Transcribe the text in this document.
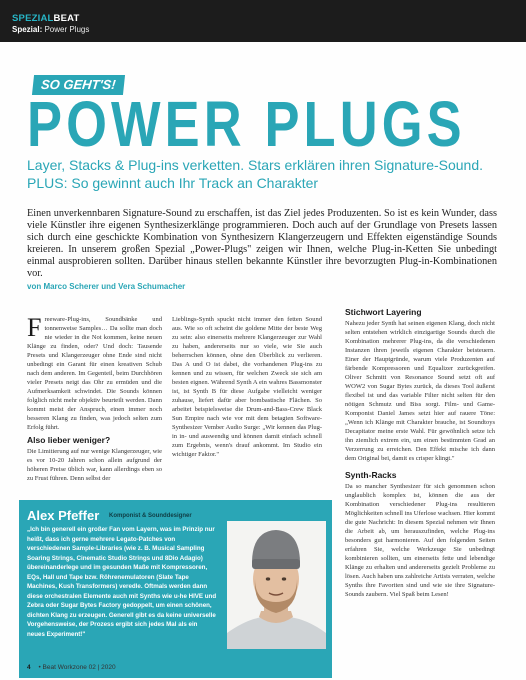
SPEZIALBEAT
Spezial: Power Plugs
SO GEHT'S!
POWER PLUGS
Layer, Stacks & Plug-ins verketten. Stars erklären ihren Signature-Sound. PLUS: So gewinnt auch Ihr Track an Charakter
Einen unverkennbaren Signature-Sound zu erschaffen, ist das Ziel jedes Produzenten. So ist es kein Wunder, dass viele Künstler ihre eigenen Synthesizerklänge programmieren. Doch auch auf der Grundlage von Presets lassen sich durch eine geschickte Kombination von Synthesizern Klangerzeugern und Effekten eigenständige Sounds kreieren. In unserem großen Spezial „Power-Plugs" zeigen wir Ihnen, welche Plug-in-Ketten Sie unbedingt einmal ausprobieren sollten. Darüber hinaus stellen bekannte Künstler ihre bevorzugten Plug-in-Kombinationen vor.
von Marco Scherer und Vera Schumacher

Freeware-Plug-ins, Soundbänke und tonnenweise Samples… Da sollte man doch nie wieder in die Not kommen, keine neuen Klänge zu finden, oder? Und doch: Tausende Presets und Klangerzeuger ohne Ende sind nicht unbedingt ein Garant für einen kreativen Schub nach dem anderen. Im Gegenteil, beim Durchhören vieler Presets neigt das Ohr zu ermüden und die Aufmerksamkeit schwindet. Die Sounds können folglich nicht mehr objektiv beurteilt werden. Dann kommt meist der Anspruch, einen immer noch besseren Klang zu finden, was jedoch selten zum Erfolg führt.

Also lieber weniger?

Die Limitierung auf nur wenige Klangerzeuger, wie es vor 10-20 Jahren schon allein aufgrund der höheren Preise üblich war, kann allerdings eben so zu Frust führen. Denn selbst der

Lieblings-Synth spuckt nicht immer den fetten Sound aus. Wie so oft scheint die goldene Mitte der beste Weg zu sein: also einerseits mehrere Klangerzeuger zur Wahl zu haben, andererseits nur so viele, wie Sie auch beherrschen können, ohne den Überblick zu verlieren. Das A und O ist dabei, die vorhandenen Plug-ins zu kennen und zu wissen, für welchen Zweck sie sich am besten eignen. Während Synth A ein wahres Bassmonster ist, ist Synth B für diese Aufgabe vielleicht weniger zuhause, liefert dafür aber bombastische Flächen. So arbeitet beispielsweise die Drum-and-Bass-Crew Black Sun Empire nach wie vor mit dem betagten Software-Synthesizer Vember Audio Surge: „Wir kennen das Plug-in in- und auswendig und können damit einfach schnell zum Ergebnis, wenn's drauf ankommt. Im Studio ein wichtiger Faktor."

Stichwort Layering

Nahezu jeder Synth hat seinen eigenen Klang, doch nicht selten entstehen wirklich einzigartige Sounds durch die Kombination mehrerer Plug-ins, da die verschiedenen Instanzen ihren jeweils eigenen Charakter beisteuern. Einer der Hauptgründe, warum viele Produzenten auf färbende Kompressoren und Equalizer zurückgreifen. Oliver Schmitt von Resonance Sound setzt oft auf WOW2 von Sugar Bytes zurück, da dieses Tool äußerst flexibel ist und das variable Filter nicht selten für den nötigen Schmutz und Biss sorgt. Film- und Game-Komponist Daniel James setzt hier auf rauere Töne: „Wenn ich Klänge mit Charakter brauche, ist Soundtoys Decapitator meine erste Wahl. Für gewöhnlich setze ich ihn ziemlich extrem ein, um einen bestimmten Grad an Verzerrung zu erreichen. Den Effekt mische ich dann dem Original bei, damit es crisper klingt."

Synth-Racks

Da so mancher Synthesizer für sich genommen schon unglaublich komplex ist, können die aus der Kombination verschiedener Plug-ins resultieren Möglichkeiten schnell ins Uferlose wachsen. Hier kommt die gute Nachricht: In diesem Spezial nehmen wir Ihnen die Arbeit ab, um herauszufinden, welche Plug-ins besonders gut harmonieren. Auf den folgenden Seiten erfahren Sie, welche Werkzeuge Sie unbedingt kombinieren sollten, um einerseits fette und lebendige Klänge zu erhalten und andererseits gezielt Probleme zu lösen. Auch haben uns zahlreiche Artists verraten, welche Synths ihre Favoriten sind und wie sie ihre Signature-Sounds zaubern. Viel Spaß beim Lesen!

Alex Pfeffer Komponist & Sounddesigner
„Ich bin generell ein großer Fan vom Layern, was im Prinzip nur heißt, dass ich gerne mehrere Legato-Patches von verschiedenen Sample-Libraries (wie z. B. Musical Sampling Soaring Strings, Cinematic Studio Strings und 8Dio Adagio) übereinanderlege und im gesunden Maße mit Kompressoren, EQs, Hall und Tape bzw. Röhrenemulatoren (Slate Tape Machines, Kush Transformers) veredle. Oftmals werden dann diese orchestralen Elemente auch mit Synths wie u-he HIVE und Zebra oder Sugar Bytes Factory gedoppelt, um einen schönen, dichten Klang zu erzeugen. Generell gibt es da keine universelle Vorgehensweise, der Prozess ergibt sich jedes Mal als ein neues Experiment!"
4 • Beat Workzone 02 | 2020
